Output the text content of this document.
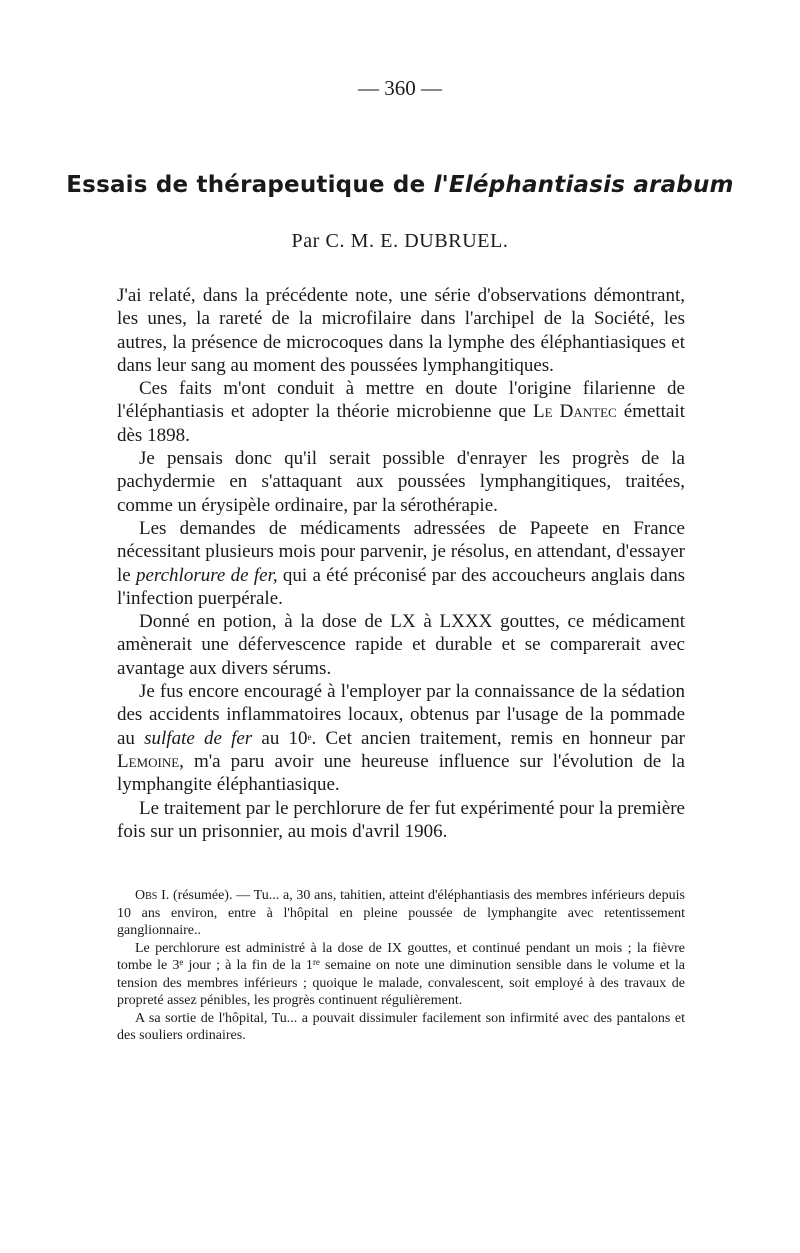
— 360 —
Essais de thérapeutique de l'Eléphantiasis arabum
Par C. M. E. DUBRUEL.

J'ai relaté, dans la précédente note, une série d'observations démontrant, les unes, la rareté de la microfilaire dans l'archipel de la Société, les autres, la présence de microcoques dans la lymphe des éléphantiasiques et dans leur sang au moment des poussées lymphangitiques.

Ces faits m'ont conduit à mettre en doute l'origine filarienne de l'éléphantiasis et adopter la théorie microbienne que Le Dantec émettait dès 1898.

Je pensais donc qu'il serait possible d'enrayer les progrès de la pachydermie en s'attaquant aux poussées lymphangitiques, traitées, comme un érysipèle ordinaire, par la sérothérapie.

Les demandes de médicaments adressées de Papeete en France nécessitant plusieurs mois pour parvenir, je résolus, en attendant, d'essayer le perchlorure de fer, qui a été préconisé par des accoucheurs anglais dans l'infection puerpérale.

Donné en potion, à la dose de LX à LXXX gouttes, ce médicament amènerait une défervescence rapide et durable et se comparerait avec avantage aux divers sérums.

Je fus encore encouragé à l'employer par la connaissance de la sédation des accidents inflammatoires locaux, obtenus par l'usage de la pommade au sulfate de fer au 10e. Cet ancien traitement, remis en honneur par Lemoine, m'a paru avoir une heureuse influence sur l'évolution de la lymphangite éléphantiasique.

Le traitement par le perchlorure de fer fut expérimenté pour la première fois sur un prisonnier, au mois d'avril 1906.

Obs I. (résumée). — Tu... a, 30 ans, tahitien, atteint d'éléphantiasis des membres inférieurs depuis 10 ans environ, entre à l'hôpital en pleine poussée de lymphangite avec retentissement ganglionnaire..

Le perchlorure est administré à la dose de IX gouttes, et continué pendant un mois ; la fièvre tombe le 3e jour ; à la fin de la 1re semaine on note une diminution sensible dans le volume et la tension des membres inférieurs ; quoique le malade, convalescent, soit employé à des travaux de propreté assez pénibles, les progrès continuent régulièrement.

A sa sortie de l'hôpital, Tu... a pouvait dissimuler facilement son infirmité avec des pantalons et des souliers ordinaires.
